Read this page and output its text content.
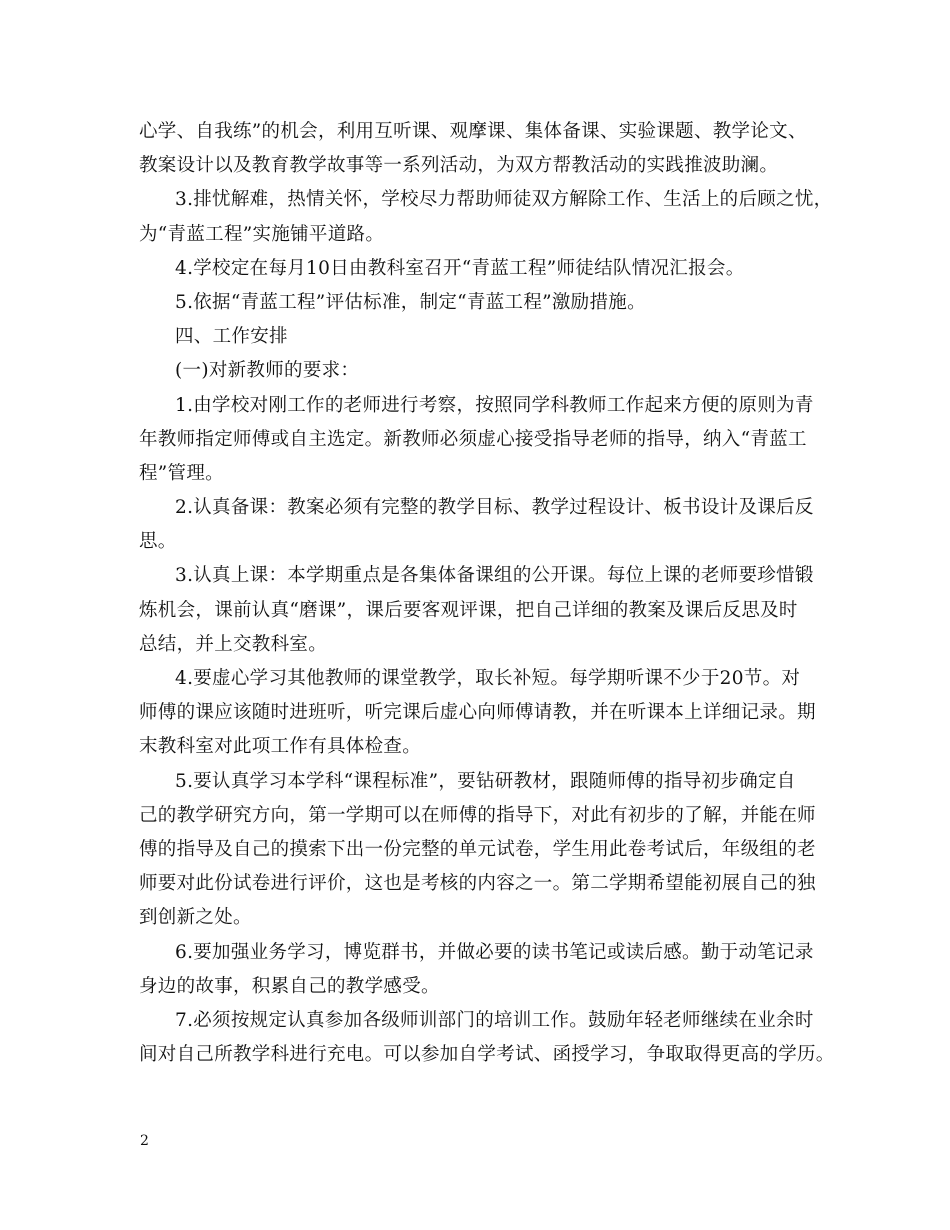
心学、自我练”的机会，利用互听课、观摩课、集体备课、实验课题、教学论文、
教案设计以及教育教学故事等一系列活动，为双方帮教活动的实践推波助澜。
3.排忧解难，热情关怀，学校尽力帮助师徒双方解除工作、生活上的后顾之忧，
为“青蓝工程”实施铺平道路。
4.学校定在每月10日由教科室召开“青蓝工程”师徒结队情况汇报会。
5.依据“青蓝工程”评估标准，制定“青蓝工程”激励措施。
四、工作安排
(一)对新教师的要求：
1.由学校对刚工作的老师进行考察，按照同学科教师工作起来方便的原则为青
年教师指定师傅或自主选定。新教师必须虚心接受指导老师的指导，纳入“青蓝工
程”管理。
2.认真备课：教案必须有完整的教学目标、教学过程设计、板书设计及课后反
思。
3.认真上课：本学期重点是各集体备课组的公开课。每位上课的老师要珍惜锻
炼机会，课前认真“磨课”，课后要客观评课，把自己详细的教案及课后反思及时
总结，并上交教科室。
4.要虚心学习其他教师的课堂教学，取长补短。每学期听课不少于20节。对
师傅的课应该随时进班听，听完课后虚心向师傅请教，并在听课本上详细记录。期
末教科室对此项工作有具体检查。
5.要认真学习本学科“课程标准”，要钻研教材，跟随师傅的指导初步确定自
己的教学研究方向，第一学期可以在师傅的指导下，对此有初步的了解，并能在师
傅的指导及自己的摸索下出一份完整的单元试卷，学生用此卷考试后，年级组的老
师要对此份试卷进行评价，这也是考核的内容之一。第二学期希望能初展自己的独
到创新之处。
6.要加强业务学习，博览群书，并做必要的读书笔记或读后感。勤于动笔记录
身边的故事，积累自己的教学感受。
7.必须按规定认真参加各级师训部门的培训工作。鼓励年轻老师继续在业余时
间对自己所教学科进行充电。可以参加自学考试、函授学习，争取取得更高的学历。
2
